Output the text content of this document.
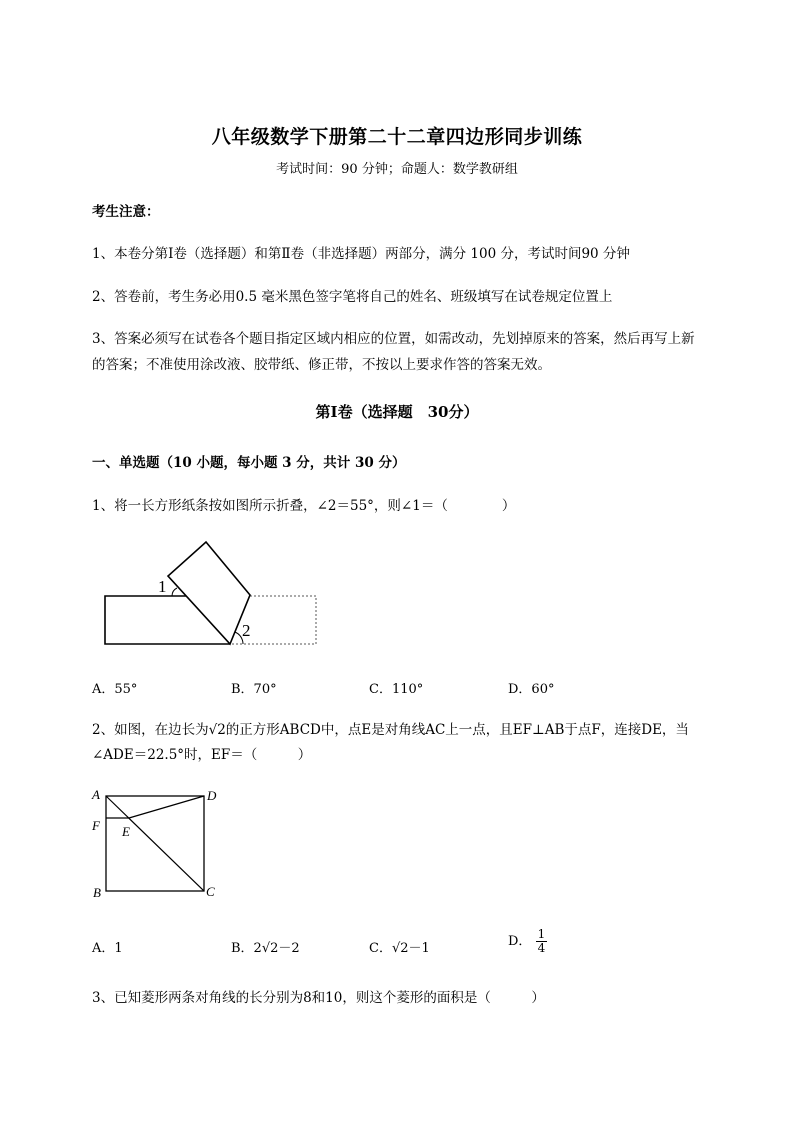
八年级数学下册第二十二章四边形同步训练
考试时间：90 分钟；命题人：数学教研组
考生注意：
1、本卷分第Ⅰ卷（选择题）和第Ⅱ卷（非选择题）两部分，满分 100 分，考试时间90 分钟
2、答卷前，考生务必用0.5 毫米黑色签字笔将自己的姓名、班级填写在试卷规定位置上
3、答案必须写在试卷各个题目指定区域内相应的位置，如需改动，先划掉原来的答案，然后再写上新
的答案；不准使用涂改液、胶带纸、修正带，不按以上要求作答的答案无效。
第Ⅰ卷（选择题　30分）
一、单选题（10 小题，每小题 3 分，共计 30 分）
1、将一长方形纸条按如图所示折叠，∠2＝55°，则∠1＝（　　　　）
1
2
A．55°	B．70°	C．110°	D．60°
2、如图，在边长为√2的正方形ABCD中，点E是对角线AC上一点，且EF⊥AB于点F，连接DE，当
∠ADE＝22.5°时，EF＝（　　　）
A	D
F E
B	C
A．1	B．2√2－2	C．√2－1	D． $\frac{1}{4}$
3、已知菱形两条对角线的长分别为8和10，则这个菱形的面积是（　　　）
